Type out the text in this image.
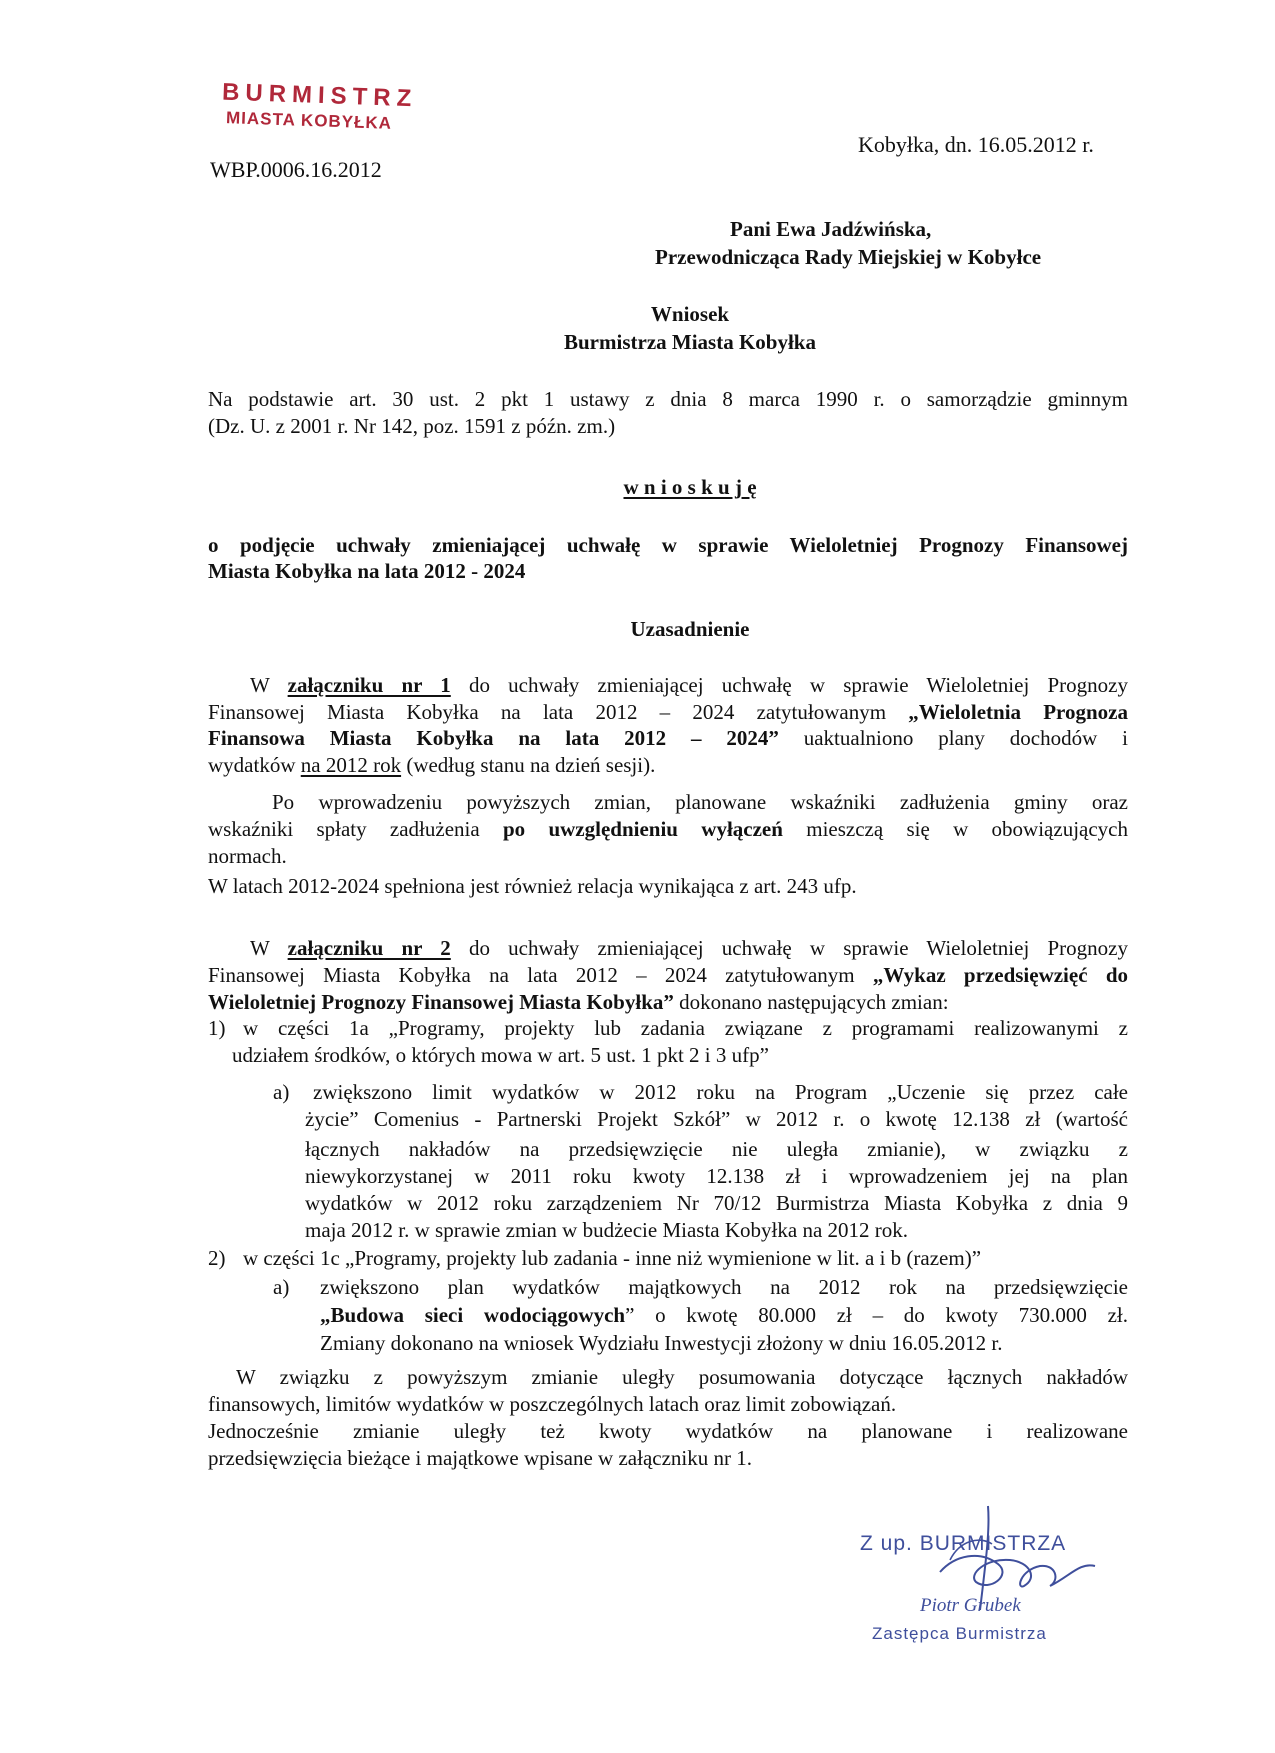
BURMISTRZ
MIASTA KOBYŁKA
WBP.0006.16.2012
Kobyłka, dn. 16.05.2012 r.
Pani Ewa Jadźwińska,
Przewodnicząca Rady Miejskiej w Kobyłce
Wniosek
Burmistrza Miasta Kobyłka
Na podstawie art. 30 ust. 2 pkt 1 ustawy z dnia 8 marca 1990 r. o samorządzie gminnym
(Dz. U. z 2001 r. Nr 142, poz. 1591 z późn. zm.)
w n i o s k u j ę
o podjęcie uchwały zmieniającej uchwałę w sprawie Wieloletniej Prognozy Finansowej
Miasta Kobyłka na lata 2012 - 2024
Uzasadnienie
W załączniku nr 1 do uchwały zmieniającej uchwałę w sprawie Wieloletniej Prognozy
Finansowej Miasta Kobyłka na lata 2012 – 2024 zatytułowanym „Wieloletnia Prognoza
Finansowa Miasta Kobyłka na lata 2012 – 2024” uaktualniono plany dochodów i
wydatków na 2012 rok (według stanu na dzień sesji).
Po wprowadzeniu powyższych zmian, planowane wskaźniki zadłużenia gminy oraz
wskaźniki spłaty zadłużenia po uwzględnieniu wyłączeń mieszczą się w obowiązujących
normach.
W latach 2012-2024 spełniona jest również relacja wynikająca z art. 243 ufp.
W załączniku nr 2 do uchwały zmieniającej uchwałę w sprawie Wieloletniej Prognozy
Finansowej Miasta Kobyłka na lata 2012 – 2024 zatytułowanym „Wykaz przedsięwzięć do
Wieloletniej Prognozy Finansowej Miasta Kobyłka” dokonano następujących zmian:
1) w części 1a „Programy, projekty lub zadania związane z programami realizowanymi z
udziałem środków, o których mowa w art. 5 ust. 1 pkt 2 i 3 ufp”
a) zwiększono limit wydatków w 2012 roku na Program „Uczenie się przez całe
życie” Comenius - Partnerski Projekt Szkół” w 2012 r. o kwotę 12.138 zł (wartość
łącznych nakładów na przedsięwzięcie nie uległa zmianie), w związku z
niewykorzystanej w 2011 roku kwoty 12.138 zł i wprowadzeniem jej na plan
wydatków w 2012 roku zarządzeniem Nr 70/12 Burmistrza Miasta Kobyłka z dnia 9
maja 2012 r. w sprawie zmian w budżecie Miasta Kobyłka na 2012 rok.
2) w części 1c „Programy, projekty lub zadania - inne niż wymienione w lit. a i b (razem)”
a) zwiększono plan wydatków majątkowych na 2012 rok na przedsięwzięcie
„Budowa sieci wodociągowych” o kwotę 80.000 zł – do kwoty 730.000 zł.
Zmiany dokonano na wniosek Wydziału Inwestycji złożony w dniu 16.05.2012 r.
W związku z powyższym zmianie uległy posumowania dotyczące łącznych nakładów
finansowych, limitów wydatków w poszczególnych latach oraz limit zobowiązań.
Jednocześnie zmianie uległy też kwoty wydatków na planowane i realizowane
przedsięwzięcia bieżące i majątkowe wpisane w załączniku nr 1.
Z up. BURMISTRZA
Piotr Grubek
Zastępca Burmistrza
